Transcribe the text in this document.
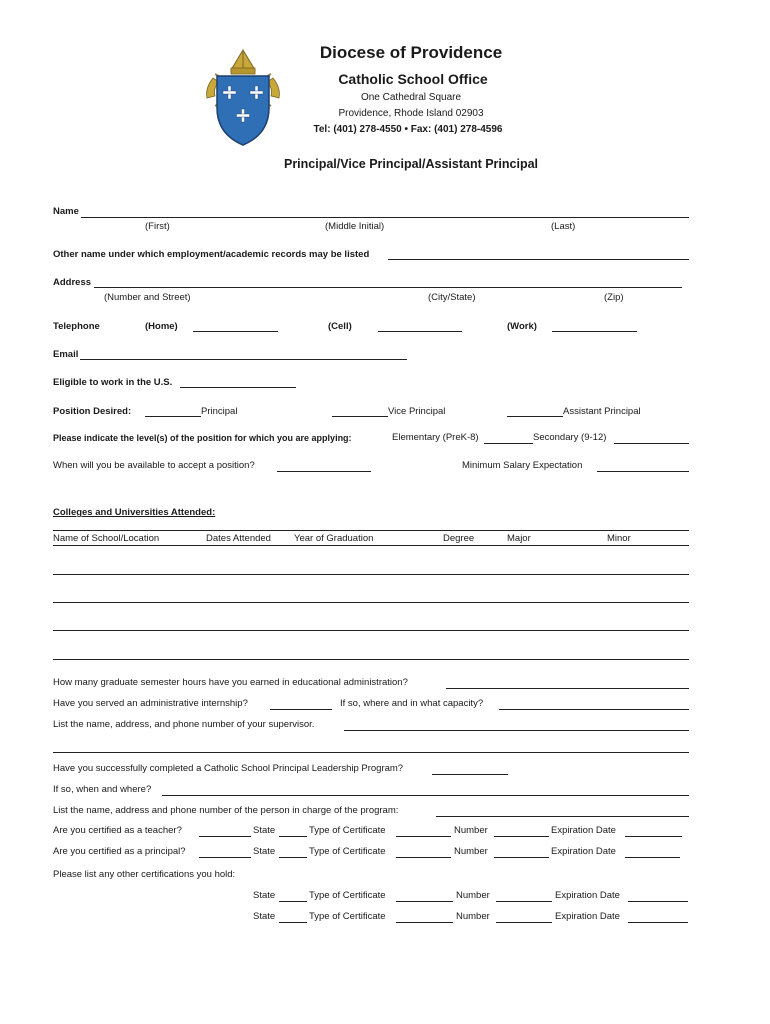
Diocese of Providence
Catholic School Office
One Cathedral Square
Providence, Rhode Island 02903
Tel: (401) 278-4550 • Fax: (401) 278-4596
Principal/Vice Principal/Assistant Principal
Name
(First)	(Middle Initial)	(Last)
Other name under which employment/academic records may be listed
Address
(Number and Street)	(City/State)	(Zip)
Telephone	(Home)	(Cell)	(Work)
Email
Eligible to work in the U.S.
Position Desired:	Principal	Vice Principal	Assistant Principal
Please indicate the level(s) of the position for which you are applying:	Elementary (PreK-8)	Secondary (9-12)
When will you be available to accept a position?	Minimum Salary Expectation
Colleges and Universities Attended:
Name of School/Location	Dates Attended Year of Graduation	Degree	Major	Minor
How many graduate semester hours have you earned in educational administration?
Have you served an administrative internship?	If so, where and in what capacity?
List the name, address, and phone number of your supervisor.
Have you successfully completed a Catholic School Principal Leadership Program?
If so, when and where?
List the name, address and phone number of the person in charge of the program:
Are you certified as a teacher?	State	Type of Certificate	Number	Expiration Date
Are you certified as a principal?	State	Type of Certificate	Number	Expiration Date
Please list any other certifications you hold:
State	Type of Certificate	Number	Expiration Date
State	Type of Certificate	Number	Expiration Date
